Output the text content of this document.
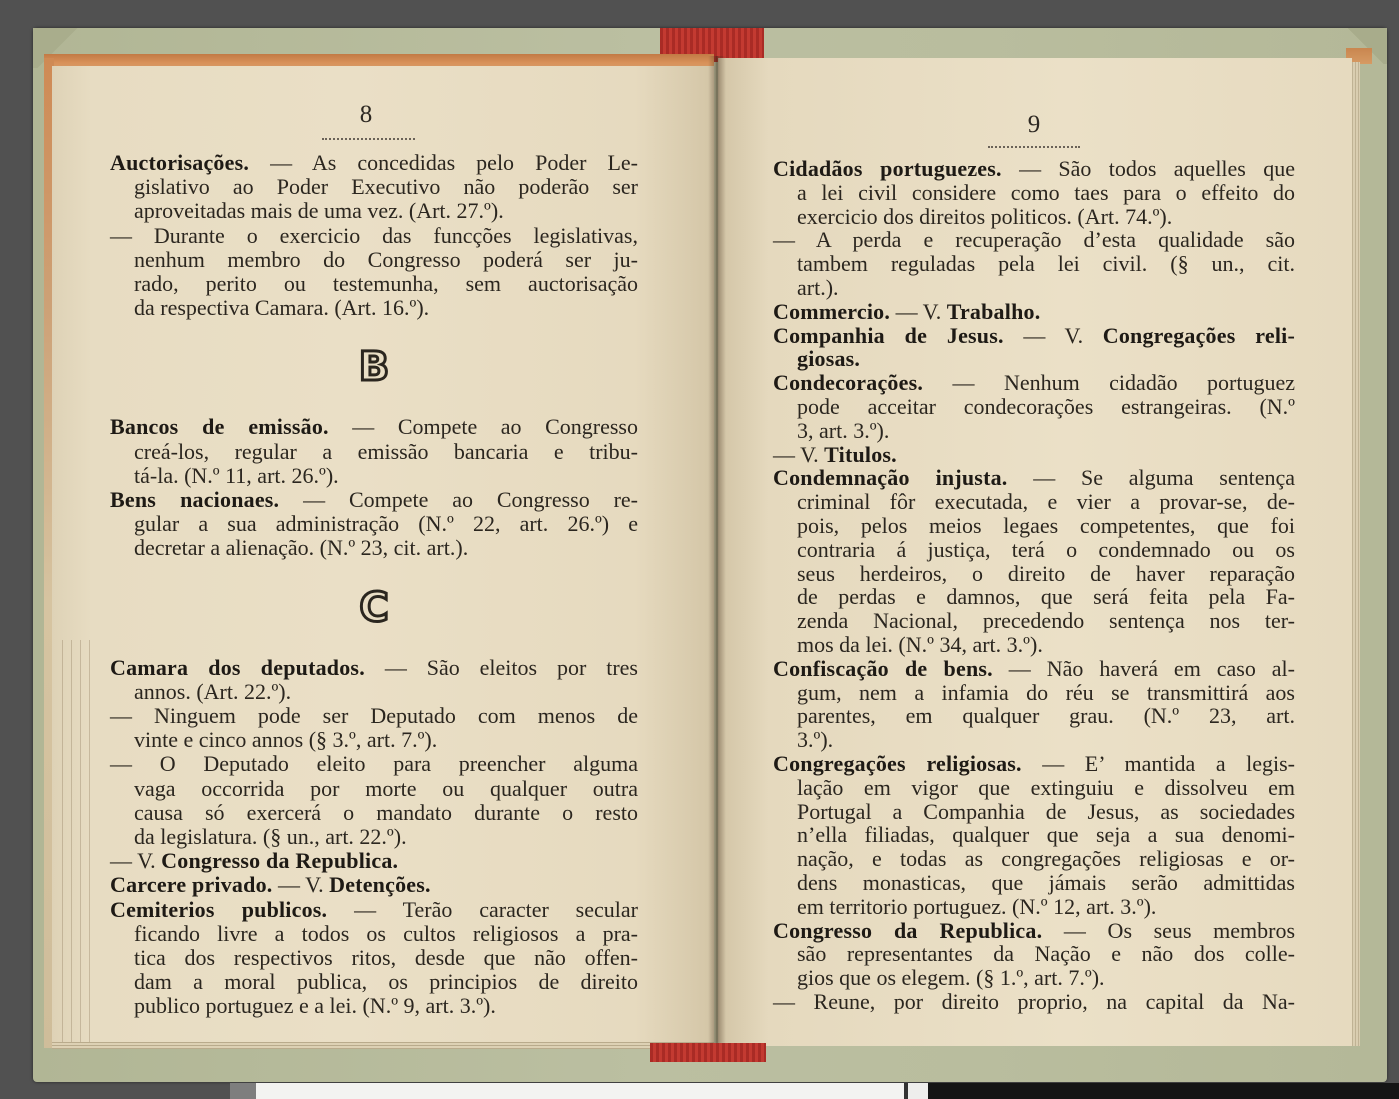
8
Auctorisações. — As concedidas pelo Poder Le-
gislativo ao Poder Executivo não poderão ser
aproveitadas mais de uma vez. (Art. 27.º).
— Durante o exercicio das funcções legislativas,
nenhum membro do Congresso poderá ser ju-
rado, perito ou testemunha, sem auctorisação
da respectiva Camara. (Art. 16.º).
B
Bancos de emissão. — Compete ao Congresso
creá-los, regular a emissão bancaria e tribu-
tá-la. (N.º 11, art. 26.º).
Bens nacionaes. — Compete ao Congresso re-
gular a sua administração (N.º 22, art. 26.º) e
decretar a alienação. (N.º 23, cit. art.).
C
Camara dos deputados. — São eleitos por tres
annos. (Art. 22.º).
— Ninguem pode ser Deputado com menos de
vinte e cinco annos (§ 3.º, art. 7.º).
— O Deputado eleito para preencher alguma
vaga occorrida por morte ou qualquer outra
causa só exercerá o mandato durante o resto
da legislatura. (§ un., art. 22.º).
— V. Congresso da Republica.
Carcere privado. — V. Detenções.
Cemiterios publicos. — Terão caracter secular
ficando livre a todos os cultos religiosos a pra-
tica dos respectivos ritos, desde que não offen-
dam a moral publica, os principios de direito
publico portuguez e a lei. (N.º 9, art. 3.º).
9
Cidadãos portuguezes. — São todos aquelles que
a lei civil considere como taes para o effeito do
exercicio dos direitos politicos. (Art. 74.º).
— A perda e recuperação d’esta qualidade são
tambem reguladas pela lei civil. (§ un., cit.
art.).
Commercio. — V. Trabalho.
Companhia de Jesus. — V. Congregações reli-
giosas.
Condecorações. — Nenhum cidadão portuguez
pode acceitar condecorações estrangeiras. (N.º
3, art. 3.º).
— V. Titulos.
Condemnação injusta. — Se alguma sentença
criminal fôr executada, e vier a provar-se, de-
pois, pelos meios legaes competentes, que foi
contraria á justiça, terá o condemnado ou os
seus herdeiros, o direito de haver reparação
de perdas e damnos, que será feita pela Fa-
zenda Nacional, precedendo sentença nos ter-
mos da lei. (N.º 34, art. 3.º).
Confiscação de bens. — Não haverá em caso al-
gum, nem a infamia do réu se transmittirá aos
parentes, em qualquer grau. (N.º 23, art.
3.º).
Congregações religiosas. — E’ mantida a legis-
lação em vigor que extinguiu e dissolveu em
Portugal a Companhia de Jesus, as sociedades
n’ella filiadas, qualquer que seja a sua denomi-
nação, e todas as congregações religiosas e or-
dens monasticas, que jámais serão admittidas
em territorio portuguez. (N.º 12, art. 3.º).
Congresso da Republica. — Os seus membros
são representantes da Nação e não dos colle-
gios que os elegem. (§ 1.º, art. 7.º).
— Reune, por direito proprio, na capital da Na-
